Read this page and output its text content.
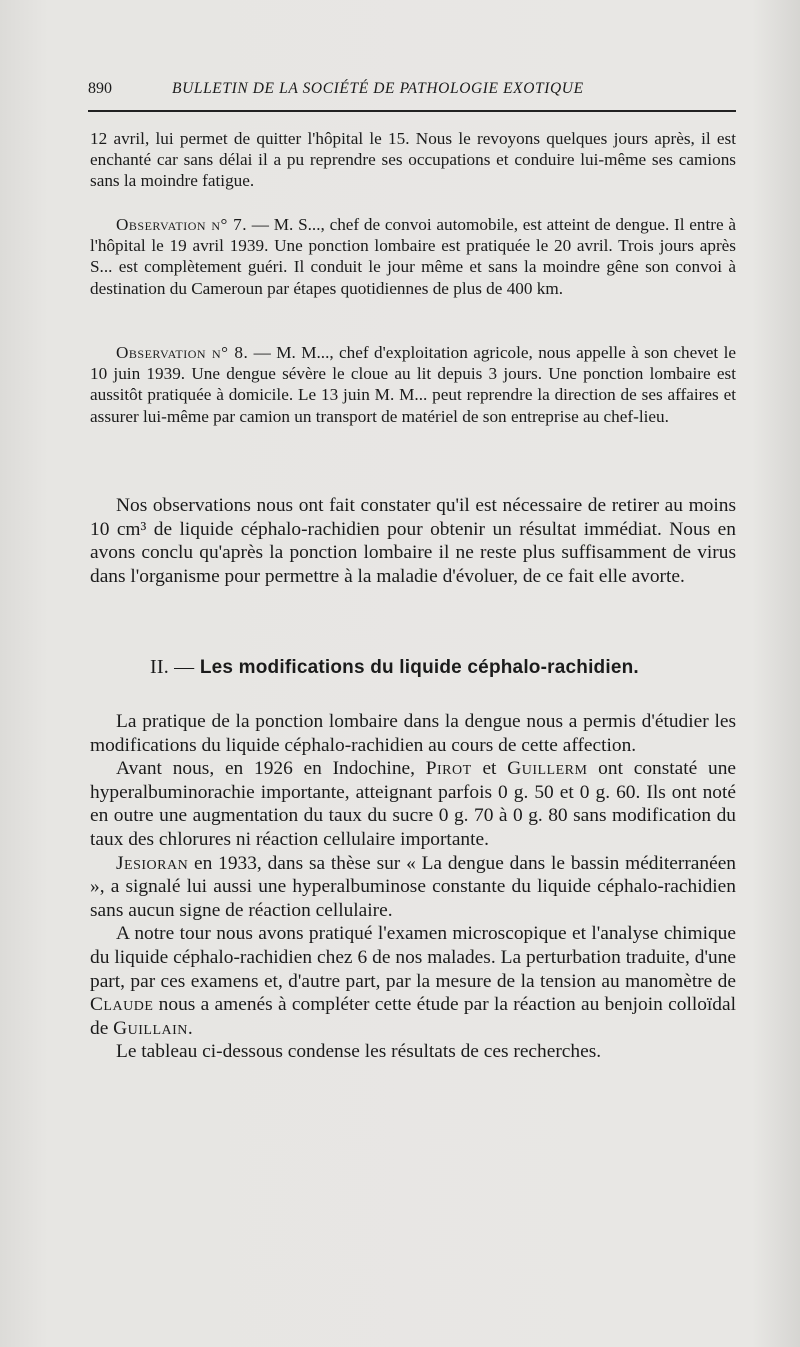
890	BULLETIN DE LA SOCIÉTÉ DE PATHOLOGIE EXOTIQUE

12 avril, lui permet de quitter l'hôpital le 15. Nous le revoyons quelques jours après, il est enchanté car sans délai il a pu reprendre ses occupations et conduire lui-même ses camions sans la moindre fatigue.

Observation n° 7. — M. S..., chef de convoi automobile, est atteint de dengue. Il entre à l'hôpital le 19 avril 1939. Une ponction lombaire est pratiquée le 20 avril. Trois jours après S... est complètement guéri. Il conduit le jour même et sans la moindre gêne son convoi à destination du Cameroun par étapes quotidiennes de plus de 400 km.

Observation n° 8. — M. M..., chef d'exploitation agricole, nous appelle à son chevet le 10 juin 1939. Une dengue sévère le cloue au lit depuis 3 jours. Une ponction lombaire est aussitôt pratiquée à domicile. Le 13 juin M. M... peut reprendre la direction de ses affaires et assurer lui-même par camion un transport de matériel de son entreprise au chef-lieu.

Nos observations nous ont fait constater qu'il est nécessaire de retirer au moins 10 cm³ de liquide céphalo-rachidien pour obtenir un résultat immédiat. Nous en avons conclu qu'après la ponction lombaire il ne reste plus suffisamment de virus dans l'organisme pour permettre à la maladie d'évoluer, de ce fait elle avorte.

II. — Les modifications du liquide céphalo-rachidien.

La pratique de la ponction lombaire dans la dengue nous a permis d'étudier les modifications du liquide céphalo-rachidien au cours de cette affection.

Avant nous, en 1926 en Indochine, Pirot et Guillerm ont constaté une hyperalbuminorachie importante, atteignant parfois 0 g. 50 et 0 g. 60. Ils ont noté en outre une augmentation du taux du sucre 0 g. 70 à 0 g. 80 sans modification du taux des chlorures ni réaction cellulaire importante.

Jesioran en 1933, dans sa thèse sur « La dengue dans le bassin méditerranéen », a signalé lui aussi une hyperalbuminose constante du liquide céphalo-rachidien sans aucun signe de réaction cellulaire.

A notre tour nous avons pratiqué l'examen microscopique et l'analyse chimique du liquide céphalo-rachidien chez 6 de nos malades. La perturbation traduite, d'une part, par ces examens et, d'autre part, par la mesure de la tension au manomètre de Claude nous a amenés à compléter cette étude par la réaction au benjoin colloïdal de Guillain.

Le tableau ci-dessous condense les résultats de ces recherches.
